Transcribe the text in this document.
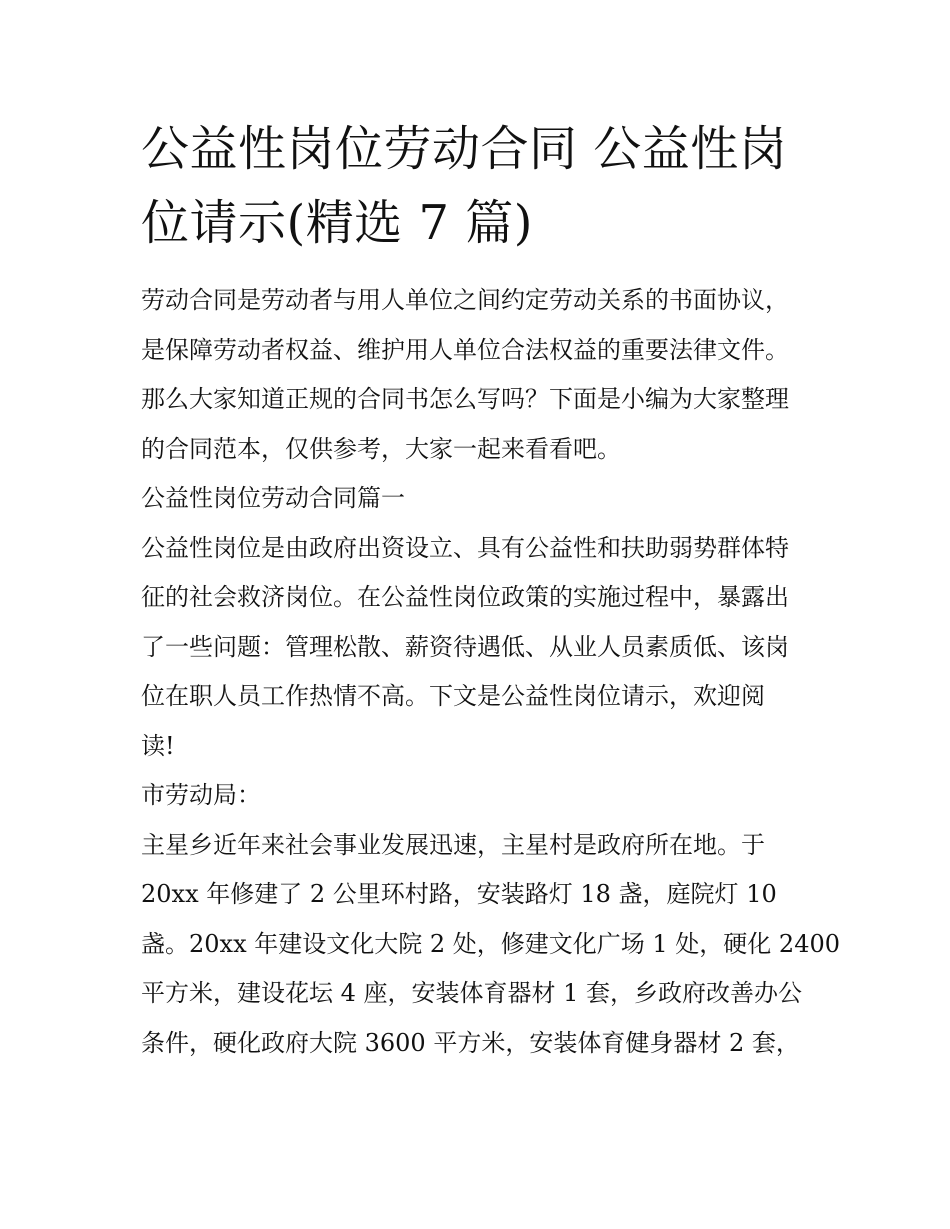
公益性岗位劳动合同 公益性岗
位请示(精选 7 篇)

劳动合同是劳动者与用人单位之间约定劳动关系的书面协议，
是保障劳动者权益、维护用人单位合法权益的重要法律文件。
那么大家知道正规的合同书怎么写吗？下面是小编为大家整理
的合同范本，仅供参考，大家一起来看看吧。

公益性岗位劳动合同篇一

公益性岗位是由政府出资设立、具有公益性和扶助弱势群体特
征的社会救济岗位。在公益性岗位政策的实施过程中，暴露出
了一些问题：管理松散、薪资待遇低、从业人员素质低、该岗
位在职人员工作热情不高。下文是公益性岗位请示，欢迎阅
读!

市劳动局：

主星乡近年来社会事业发展迅速，主星村是政府所在地。于
20xx 年修建了 2 公里环村路，安装路灯 18 盏，庭院灯 10
盏。20xx 年建设文化大院 2 处，修建文化广场 1 处，硬化 2400
平方米，建设花坛 4 座，安装体育器材 1 套，乡政府改善办公
条件，硬化政府大院 3600 平方米，安装体育健身器材 2 套，
